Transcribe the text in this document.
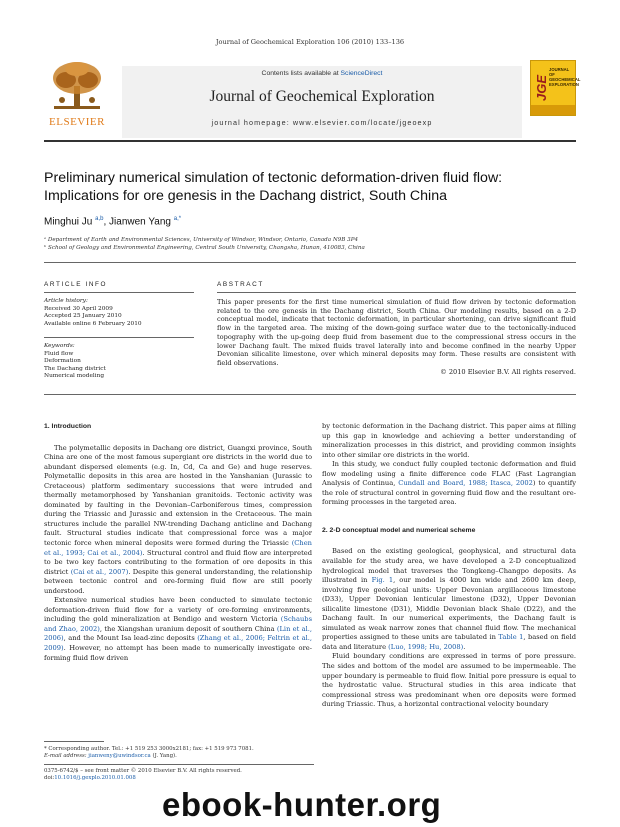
Journal of Geochemical Exploration 106 (2010) 133–136
ELSEVIER
Contents lists available at ScienceDirect
Journal of Geochemical Exploration
journal homepage: www.elsevier.com/locate/jgeoexp
JGE
JOURNAL OF GEOCHEMICAL EXPLORATION
Preliminary numerical simulation of tectonic deformation-driven fluid flow:
Implications for ore genesis in the Dachang district, South China
Minghui Ju $^{a,b}$, Jianwen Yang $^{a,*}$
ᵃ Department of Earth and Environmental Sciences, University of Windsor, Windsor, Ontario, Canada N9B 3P4
ᵇ School of Geology and Environmental Engineering, Central South University, Changsha, Hunan, 410083, China
ARTICLE INFO	ABSTRACT
Article history:
Received 30 April 2009
Accepted 25 January 2010
Available online 6 February 2010
Keywords:
Fluid flow
Deformation
The Dachang district
Numerical modeling
This paper presents for the first time numerical simulation of fluid flow driven by tectonic deformation related to the ore genesis in the Dachang district, South China. Our modeling results, based on a 2-D conceptual model, indicate that tectonic deformation, in particular shortening, can drive significant fluid flow in the targeted area. The mixing of the down-going surface water due to the tectonically-induced topography with the up-going deep fluid from basement due to the compressional stress occurs in the lower Dachang fault. The mixed fluids travel laterally into and become confined in the nearby Upper Devonian silicalite limestone, over which mineral deposits may form. These results are consistent with field observations.
© 2010 Elsevier B.V. All rights reserved.

1. Introduction

The polymetallic deposits in Dachang ore district, Guangxi province, South China are one of the most famous supergiant ore districts in the world due to abundant dispersed elements (e.g. In, Cd, Ca and Ge) and huge reserves. Polymetallic deposits in this area are hosted in the Yanshanian (Jurassic to Cretaceous) platform sedimentary successions that were intruded and thermally metamorphosed by Yanshanian granitoids. Tectonic activity was dominated by faulting in the Devonian–Carboniferous times, compression during the Triassic and Jurassic and extension in the Cretaceous. The main structures include the parallel NW-trending Dachang anticline and Dachang fault. Structural studies indicate that compressional force was a major tectonic force when mineral deposits were formed during the Triassic (Chen et al., 1993; Cai et al., 2004). Structural control and fluid flow are interpreted to be two key factors contributing to the formation of ore deposits in this district (Cai et al., 2007). Despite this general understanding, the relationship between tectonic control and ore-forming fluid flow are still poorly understood.

Extensive numerical studies have been conducted to simulate tectonic deformation-driven fluid flow for a variety of ore-forming environments, including the gold mineralization at Bendigo and western Victoria (Schaubs and Zhao, 2002), the Xiangshan uranium deposit of southern China (Lin et al., 2006), and the Mount Isa lead-zinc deposits (Zhang et al., 2006; Feltrin et al., 2009). However, no attempt has been made to numerically investigate ore-forming fluid flow driven

* Corresponding author. Tel.: +1 519 253 3000x2181; fax: +1 519 973 7081.
E-mail address: jianweny@uwindsor.ca (J. Yang).
0375-6742/$ – see front matter © 2010 Elsevier B.V. All rights reserved.
doi:10.1016/j.gexplo.2010.01.008

by tectonic deformation in the Dachang district. This paper aims at filling up this gap in knowledge and achieving a better understanding of mineralization processes in this district, and providing common insights into other similar ore districts in the world.

In this study, we conduct fully coupled tectonic deformation and fluid flow modeling using a finite difference code FLAC (Fast Lagrangian Analysis of Continua, Cundall and Board, 1988; Itasca, 2002) to quantify the role of structural control in governing fluid flow and the resultant ore-forming processes in the targeted area.

2. 2-D conceptual model and numerical scheme

Based on the existing geological, geophysical, and structural data available for the study area, we have developed a 2-D conceptualized hydrological model that traverses the Tongkeng–Changpo deposits. As illustrated in Fig. 1, our model is 4000 km wide and 2600 km deep, involving five geological units: Upper Devonian argillaceous limestone (D33), Upper Devonian lenticular limestone (D32), Upper Devonian silicalite limestone (D31), Middle Devonian black Shale (D22), and the Dachang fault. In our numerical experiments, the Dachang fault is simulated as weak narrow zones that channel fluid flow. The mechanical properties assigned to these units are tabulated in Table 1, based on field data and literature (Luo, 1998; Hu, 2008).

Fluid boundary conditions are expressed in terms of pore pressure. The sides and bottom of the model are assumed to be impermeable. The upper boundary is permeable to fluid flow. Initial pore pressure is equal to the hydrostatic value. Structural studies in this area indicate that compressional stress was predominant when ore deposits were formed during Triassic. Thus, a horizontal contractional velocity boundary

ebook-hunter.org
